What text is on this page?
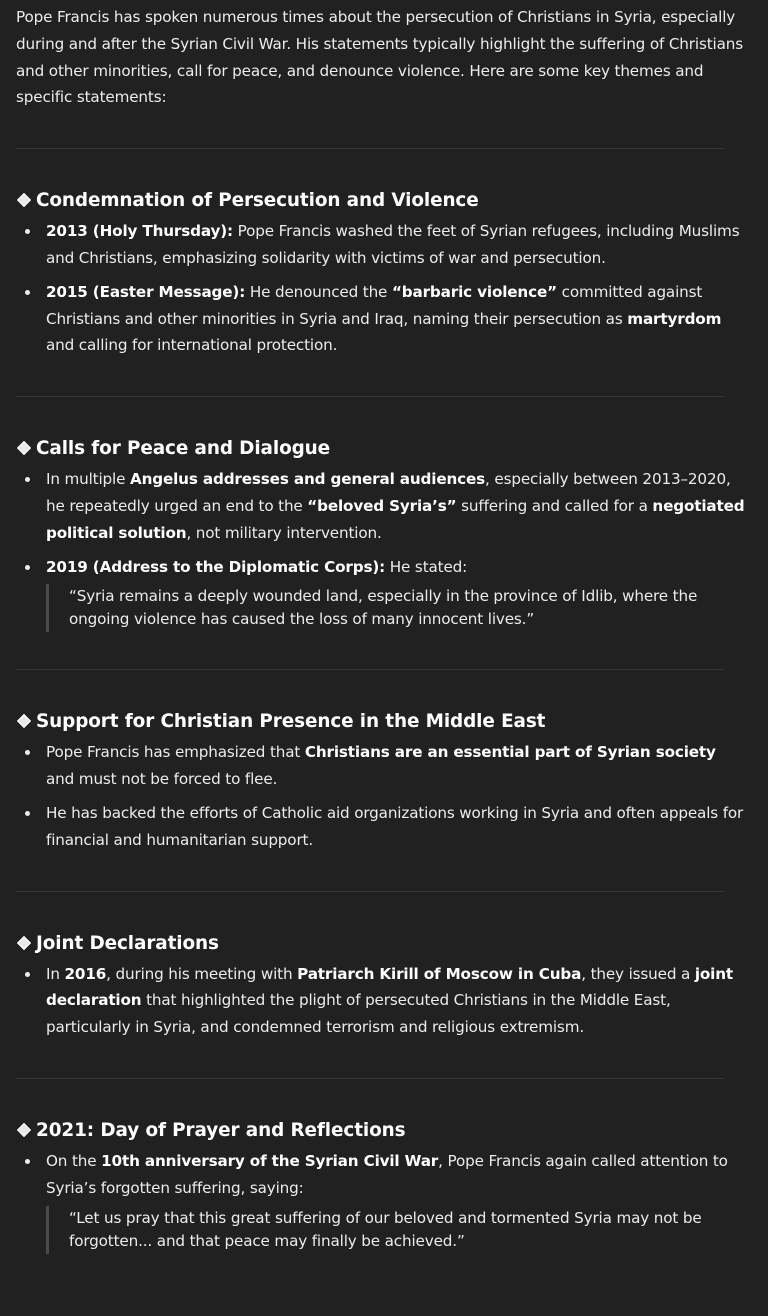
Pope Francis has spoken numerous times about the persecution of Christians in Syria, especially during and after the Syrian Civil War. His statements typically highlight the suffering of Christians and other minorities, call for peace, and denounce violence. Here are some key themes and specific statements:

Condemnation of Persecution and Violence
2013 (Holy Thursday): Pope Francis washed the feet of Syrian refugees, including Muslims and Christians, emphasizing solidarity with victims of war and persecution.
2015 (Easter Message): He denounced the “barbaric violence” committed against Christians and other minorities in Syria and Iraq, naming their persecution as martyrdom and calling for international protection.
Calls for Peace and Dialogue
In multiple Angelus addresses and general audiences, especially between 2013–2020, he repeatedly urged an end to the “beloved Syria’s” suffering and called for a negotiated political solution, not military intervention.
2019 (Address to the Diplomatic Corps): He stated:
“Syria remains a deeply wounded land, especially in the province of Idlib, where the ongoing violence has caused the loss of many innocent lives.”
Support for Christian Presence in the Middle East
Pope Francis has emphasized that Christians are an essential part of Syrian society and must not be forced to flee.
He has backed the efforts of Catholic aid organizations working in Syria and often appeals for financial and humanitarian support.
Joint Declarations
In 2016, during his meeting with Patriarch Kirill of Moscow in Cuba, they issued a joint declaration that highlighted the plight of persecuted Christians in the Middle East, particularly in Syria, and condemned terrorism and religious extremism.
2021: Day of Prayer and Reflections
On the 10th anniversary of the Syrian Civil War, Pope Francis again called attention to Syria’s forgotten suffering, saying:
“Let us pray that this great suffering of our beloved and tormented Syria may not be forgotten... and that peace may finally be achieved.”
